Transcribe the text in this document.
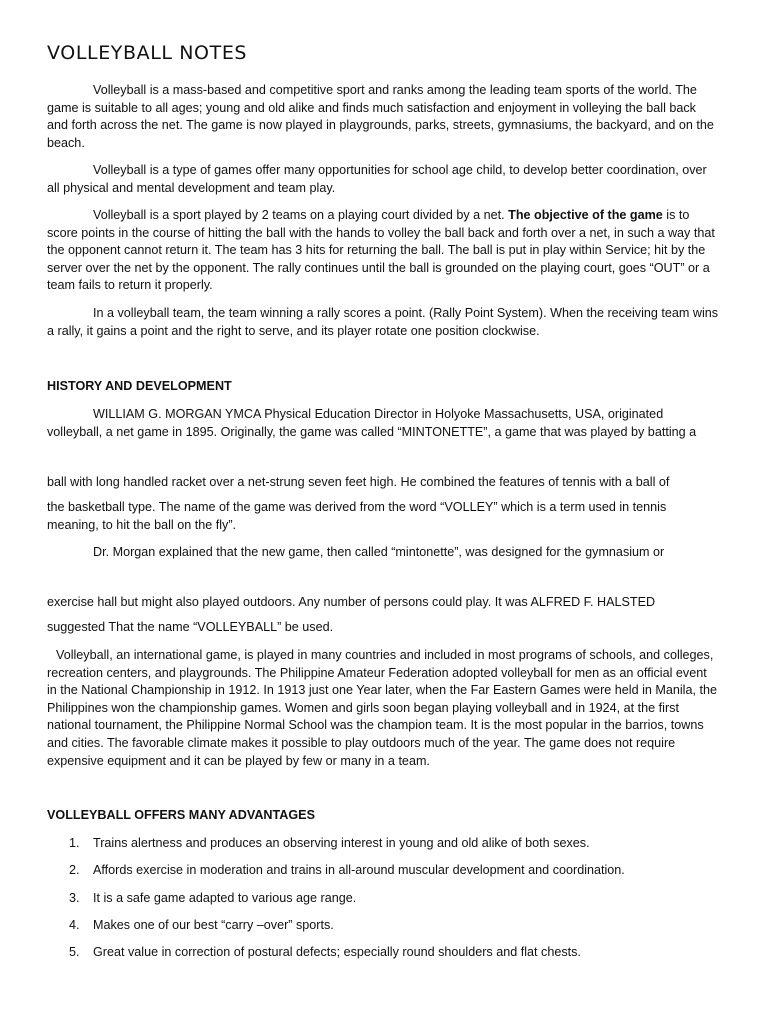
VOLLEYBALL NOTES

Volleyball is a mass-based and competitive sport and ranks among the leading team sports of the world. The game is suitable to all ages; young and old alike and finds much satisfaction and enjoyment in volleying the ball back and forth across the net. The game is now played in playgrounds, parks, streets, gymnasiums, the backyard, and on the beach.

Volleyball is a type of games offer many opportunities for school age child, to develop better coordination, over all physical and mental development and team play.

Volleyball is a sport played by 2 teams on a playing court divided by a net. The objective of the game is to score points in the course of hitting the ball with the hands to volley the ball back and forth over a net, in such a way that the opponent cannot return it. The team has 3 hits for returning the ball. The ball is put in play within Service; hit by the server over the net by the opponent. The rally continues until the ball is grounded on the playing court, goes “OUT” or a team fails to return it properly.

In a volleyball team, the team winning a rally scores a point. (Rally Point System). When the receiving team wins a rally, it gains a point and the right to serve, and its player rotate one position clockwise.

HISTORY AND DEVELOPMENT

WILLIAM G. MORGAN YMCA Physical Education Director in Holyoke Massachusetts, USA, originated

volleyball, a net game in 1895. Originally, the game was called “MINTONETTE”, a game that was played by batting a

ball with long handled racket over a net-strung seven feet high. He combined the features of tennis with a ball of

the basketball type. The name of the game was derived from the word “VOLLEY” which is a term used in tennis

meaning, to hit the ball on the fly”.

Dr. Morgan explained that the new game, then called “mintonette”, was designed for the gymnasium or

exercise hall but might also played outdoors. Any number of persons could play. It was ALFRED F. HALSTED

suggested That the name “VOLLEYBALL” be used.

Volleyball, an international game, is played in many countries and included in most programs of schools, and colleges, recreation centers, and playgrounds. The Philippine Amateur Federation adopted volleyball for men as an official event in the National Championship in 1912. In 1913 just one Year later, when the Far Eastern Games were held in Manila, the Philippines won the championship games. Women and girls soon began playing volleyball and in 1924, at the first national tournament, the Philippine Normal School was the champion team. It is the most popular in the barrios, towns and cities. The favorable climate makes it possible to play outdoors much of the year. The game does not require expensive equipment and it can be played by few or many in a team.

VOLLEYBALL OFFERS MANY ADVANTAGES
1. Trains alertness and produces an observing interest in young and old alike of both sexes.
2. Affords exercise in moderation and trains in all-around muscular development and coordination.
3. It is a safe game adapted to various age range.
4. Makes one of our best “carry –over” sports.
5. Great value in correction of postural defects; especially round shoulders and flat chests.
